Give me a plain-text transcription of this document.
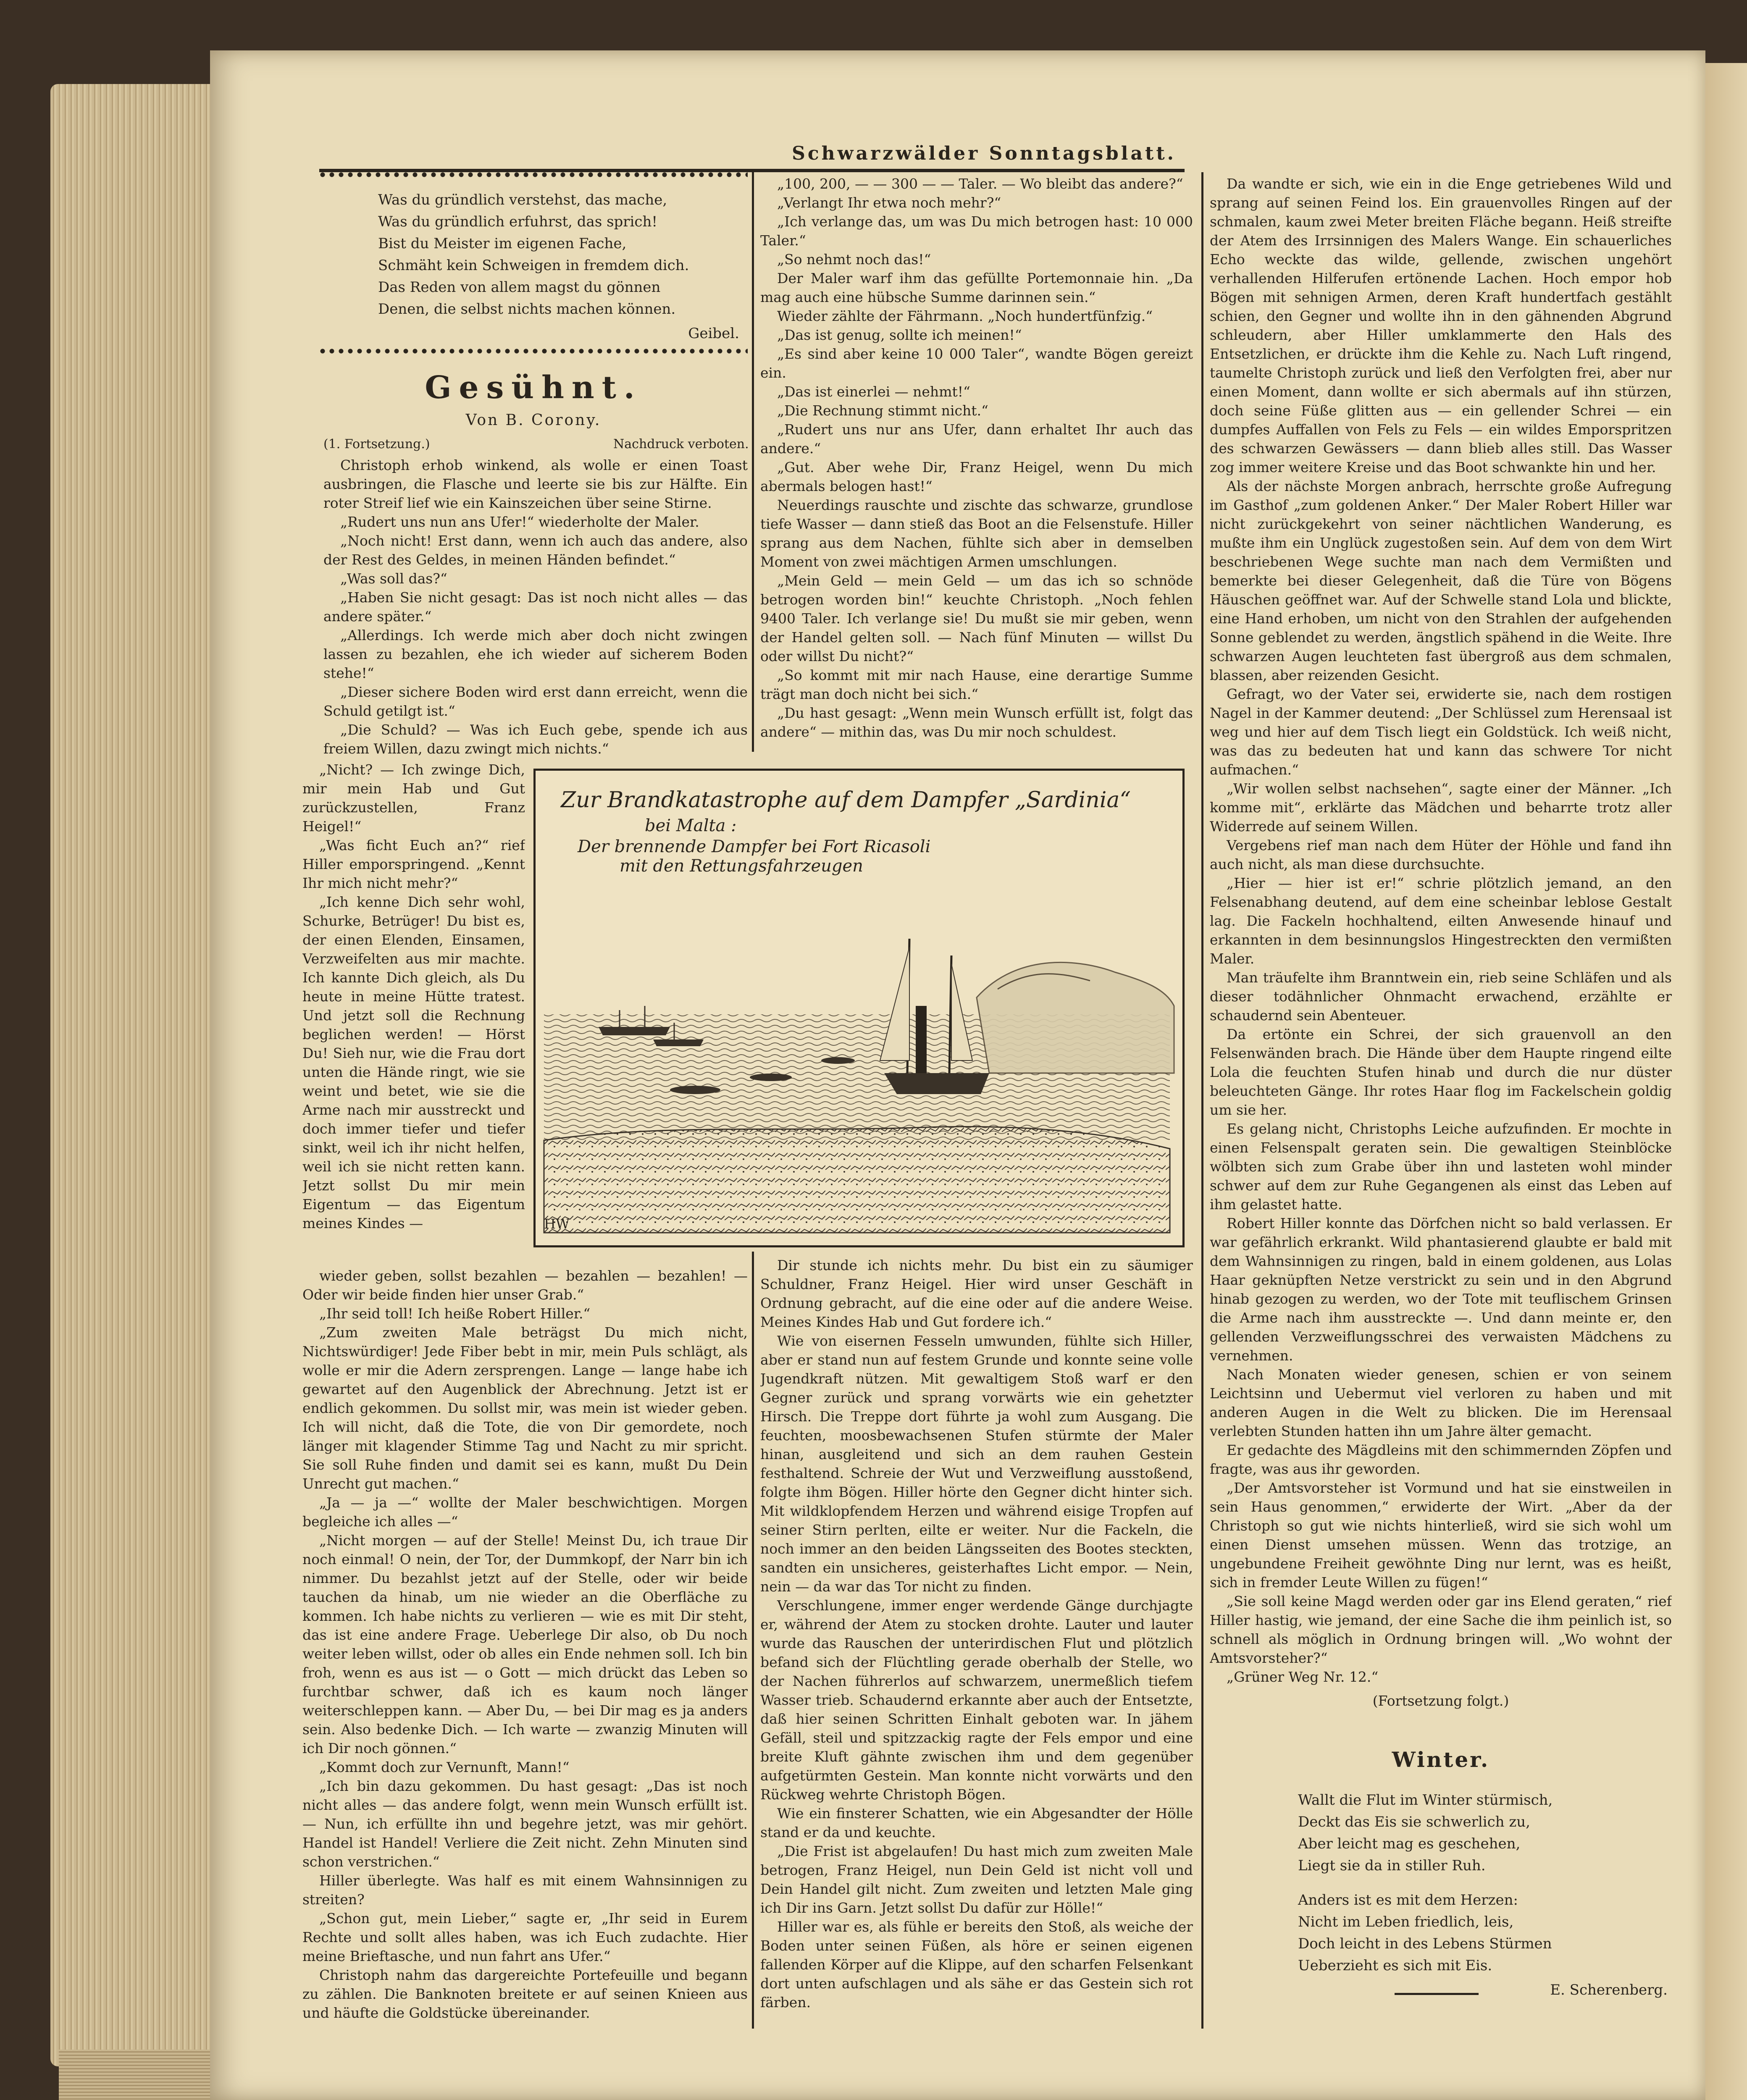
Schwarzwälder Sonntagsblatt.

Was du gründlich verstehst, das mache,

Was du gründlich erfuhrst, das sprich!

Bist du Meister im eigenen Fache,

Schmäht kein Schweigen in fremdem dich.

Das Reden von allem magst du gönnen

Denen, die selbst nichts machen können.

Geibel.

Gesühnt.
Von B. Corony.
(1. Fortsetzung.)	Nachdruck verboten.

Christoph erhob winkend, als wolle er einen Toast ausbringen, die Flasche und leerte sie bis zur Hälfte. Ein roter Streif lief wie ein Kainszeichen über seine Stirne.

„Rudert uns nun ans Ufer!“ wiederholte der Maler.

„Noch nicht! Erst dann, wenn ich auch das andere, also der Rest des Geldes, in meinen Händen befindet.“

„Was soll das?“

„Haben Sie nicht gesagt: Das ist noch nicht alles — das andere später.“

„Allerdings. Ich werde mich aber doch nicht zwingen lassen zu bezahlen, ehe ich wieder auf sicherem Boden stehe!“

„Dieser sichere Boden wird erst dann erreicht, wenn die Schuld getilgt ist.“

„Die Schuld? — Was ich Euch gebe, spende ich aus freiem Willen, dazu zwingt mich nichts.“

„Nicht? — Ich zwinge Dich, mir mein Hab und Gut zurückzustellen, Franz Heigel!“

„Was ficht Euch an?“ rief Hiller emporspringend. „Kennt Ihr mich nicht mehr?“

„Ich kenne Dich sehr wohl, Schurke, Betrüger! Du bist es, der einen Elenden, Einsamen, Verzweifelten aus mir machte. Ich kannte Dich gleich, als Du heute in meine Hütte tratest. Und jetzt soll die Rechnung beglichen werden! — Hörst Du! Sieh nur, wie die Frau dort unten die Hände ringt, wie sie weint und betet, wie sie die Arme nach mir ausstreckt und doch immer tiefer und tiefer sinkt, weil ich ihr nicht helfen, weil ich sie nicht retten kann. Jetzt sollst Du mir mein Eigentum — das Eigentum meines Kindes —

wieder geben, sollst bezahlen — bezahlen — bezahlen! — Oder wir beide finden hier unser Grab.“

„Ihr seid toll! Ich heiße Robert Hiller.“

„Zum zweiten Male beträgst Du mich nicht, Nichtswürdiger! Jede Fiber bebt in mir, mein Puls schlägt, als wolle er mir die Adern zersprengen. Lange — lange habe ich gewartet auf den Augenblick der Abrechnung. Jetzt ist er endlich gekommen. Du sollst mir, was mein ist wieder geben. Ich will nicht, daß die Tote, die von Dir gemordete, noch länger mit klagender Stimme Tag und Nacht zu mir spricht. Sie soll Ruhe finden und damit sei es kann, mußt Du Dein Unrecht gut machen.“

„Ja — ja —“ wollte der Maler beschwichtigen. Morgen begleiche ich alles —“

„Nicht morgen — auf der Stelle! Meinst Du, ich traue Dir noch einmal! O nein, der Tor, der Dummkopf, der Narr bin ich nimmer. Du bezahlst jetzt auf der Stelle, oder wir beide tauchen da hinab, um nie wieder an die Oberfläche zu kommen. Ich habe nichts zu verlieren — wie es mit Dir steht, das ist eine andere Frage. Ueberlege Dir also, ob Du noch weiter leben willst, oder ob alles ein Ende nehmen soll. Ich bin froh, wenn es aus ist — o Gott — mich drückt das Leben so furchtbar schwer, daß ich es kaum noch länger weiterschleppen kann. — Aber Du, — bei Dir mag es ja anders sein. Also bedenke Dich. — Ich warte — zwanzig Minuten will ich Dir noch gönnen.“

„Kommt doch zur Vernunft, Mann!“

„Ich bin dazu gekommen. Du hast gesagt: „Das ist noch nicht alles — das andere folgt, wenn mein Wunsch erfüllt ist. — Nun, ich erfüllte ihn und begehre jetzt, was mir gehört. Handel ist Handel! Verliere die Zeit nicht. Zehn Minuten sind schon verstrichen.“

Hiller überlegte. Was half es mit einem Wahnsinnigen zu streiten?

„Schon gut, mein Lieber,“ sagte er, „Ihr seid in Eurem Rechte und sollt alles haben, was ich Euch zudachte. Hier meine Brieftasche, und nun fahrt ans Ufer.“

Christoph nahm das dargereichte Portefeuille und begann zu zählen. Die Banknoten breitete er auf seinen Knieen aus und häufte die Goldstücke übereinander.

„100, 200, — — 300 — — Taler. — Wo bleibt das andere?“

„Verlangt Ihr etwa noch mehr?“

„Ich verlange das, um was Du mich betrogen hast: 10 000 Taler.“

„So nehmt noch das!“

Der Maler warf ihm das gefüllte Portemonnaie hin. „Da mag auch eine hübsche Summe darinnen sein.“

Wieder zählte der Fährmann. „Noch hundertfünfzig.“

„Das ist genug, sollte ich meinen!“

„Es sind aber keine 10 000 Taler“, wandte Bögen gereizt ein.

„Das ist einerlei — nehmt!“

„Die Rechnung stimmt nicht.“

„Rudert uns nur ans Ufer, dann erhaltet Ihr auch das andere.“

„Gut. Aber wehe Dir, Franz Heigel, wenn Du mich abermals belogen hast!“

Neuerdings rauschte und zischte das schwarze, grundlose tiefe Wasser — dann stieß das Boot an die Felsenstufe. Hiller sprang aus dem Nachen, fühlte sich aber in demselben Moment von zwei mächtigen Armen umschlungen.

„Mein Geld — mein Geld — um das ich so schnöde betrogen worden bin!“ keuchte Christoph. „Noch fehlen 9400 Taler. Ich verlange sie! Du mußt sie mir geben, wenn der Handel gelten soll. — Nach fünf Minuten — willst Du oder willst Du nicht?“

„So kommt mit mir nach Hause, eine derartige Summe trägt man doch nicht bei sich.“

„Du hast gesagt: „Wenn mein Wunsch erfüllt ist, folgt das andere“ — mithin das, was Du mir noch schuldest.

Zur Brandkatastrophe auf dem Dampfer „Sardinia“
bei Malta :
Der brennende Dampfer bei Fort Ricasoli
mit den Rettungsfahrzeugen
HW

Dir stunde ich nichts mehr. Du bist ein zu säumiger Schuldner, Franz Heigel. Hier wird unser Geschäft in Ordnung gebracht, auf die eine oder auf die andere Weise. Meines Kindes Hab und Gut fordere ich.“

Wie von eisernen Fesseln umwunden, fühlte sich Hiller, aber er stand nun auf festem Grunde und konnte seine volle Jugendkraft nützen. Mit gewaltigem Stoß warf er den Gegner zurück und sprang vorwärts wie ein gehetzter Hirsch. Die Treppe dort führte ja wohl zum Ausgang. Die feuchten, moosbewachsenen Stufen stürmte der Maler hinan, ausgleitend und sich an dem rauhen Gestein festhaltend. Schreie der Wut und Verzweiflung ausstoßend, folgte ihm Bögen. Hiller hörte den Gegner dicht hinter sich. Mit wildklopfendem Herzen und während eisige Tropfen auf seiner Stirn perlten, eilte er weiter. Nur die Fackeln, die noch immer an den beiden Längsseiten des Bootes steckten, sandten ein unsicheres, geisterhaftes Licht empor. — Nein, nein — da war das Tor nicht zu finden.

Verschlungene, immer enger werdende Gänge durchjagte er, während der Atem zu stocken drohte. Lauter und lauter wurde das Rauschen der unterirdischen Flut und plötzlich befand sich der Flüchtling gerade oberhalb der Stelle, wo der Nachen führerlos auf schwarzem, unermeßlich tiefem Wasser trieb. Schaudernd erkannte aber auch der Entsetzte, daß hier seinen Schritten Einhalt geboten war. In jähem Gefäll, steil und spitzzackig ragte der Fels empor und eine breite Kluft gähnte zwischen ihm und dem gegenüber aufgetürmten Gestein. Man konnte nicht vorwärts und den Rückweg wehrte Christoph Bögen.

Wie ein finsterer Schatten, wie ein Abgesandter der Hölle stand er da und keuchte.

„Die Frist ist abgelaufen! Du hast mich zum zweiten Male betrogen, Franz Heigel, nun Dein Geld ist nicht voll und Dein Handel gilt nicht. Zum zweiten und letzten Male ging ich Dir ins Garn. Jetzt sollst Du dafür zur Hölle!“

Hiller war es, als fühle er bereits den Stoß, als weiche der Boden unter seinen Füßen, als höre er seinen eigenen fallenden Körper auf die Klippe, auf den scharfen Felsenkant dort unten aufschlagen und als sähe er das Gestein sich rot färben.

Da wandte er sich, wie ein in die Enge getriebenes Wild und sprang auf seinen Feind los. Ein grauenvolles Ringen auf der schmalen, kaum zwei Meter breiten Fläche begann. Heiß streifte der Atem des Irrsinnigen des Malers Wange. Ein schauerliches Echo weckte das wilde, gellende, zwischen ungehört verhallenden Hilferufen ertönende Lachen. Hoch empor hob Bögen mit sehnigen Armen, deren Kraft hundertfach gestählt schien, den Gegner und wollte ihn in den gähnenden Abgrund schleudern, aber Hiller umklammerte den Hals des Entsetzlichen, er drückte ihm die Kehle zu. Nach Luft ringend, taumelte Christoph zurück und ließ den Verfolgten frei, aber nur einen Moment, dann wollte er sich abermals auf ihn stürzen, doch seine Füße glitten aus — ein gellender Schrei — ein dumpfes Auffallen von Fels zu Fels — ein wildes Emporspritzen des schwarzen Gewässers — dann blieb alles still. Das Wasser zog immer weitere Kreise und das Boot schwankte hin und her.

Als der nächste Morgen anbrach, herrschte große Aufregung im Gasthof „zum goldenen Anker.“ Der Maler Robert Hiller war nicht zurückgekehrt von seiner nächtlichen Wanderung, es mußte ihm ein Unglück zugestoßen sein. Auf dem von dem Wirt beschriebenen Wege suchte man nach dem Vermißten und bemerkte bei dieser Gelegenheit, daß die Türe von Bögens Häuschen geöffnet war. Auf der Schwelle stand Lola und blickte, eine Hand erhoben, um nicht von den Strahlen der aufgehenden Sonne geblendet zu werden, ängstlich spähend in die Weite. Ihre schwarzen Augen leuchteten fast übergroß aus dem schmalen, blassen, aber reizenden Gesicht.

Gefragt, wo der Vater sei, erwiderte sie, nach dem rostigen Nagel in der Kammer deutend: „Der Schlüssel zum Herensaal ist weg und hier auf dem Tisch liegt ein Goldstück. Ich weiß nicht, was das zu bedeuten hat und kann das schwere Tor nicht aufmachen.“

„Wir wollen selbst nachsehen“, sagte einer der Männer. „Ich komme mit“, erklärte das Mädchen und beharrte trotz aller Widerrede auf seinem Willen.

Vergebens rief man nach dem Hüter der Höhle und fand ihn auch nicht, als man diese durchsuchte.

„Hier — hier ist er!“ schrie plötzlich jemand, an den Felsenabhang deutend, auf dem eine scheinbar leblose Gestalt lag. Die Fackeln hochhaltend, eilten Anwesende hinauf und erkannten in dem besinnungslos Hingestreckten den vermißten Maler.

Man träufelte ihm Branntwein ein, rieb seine Schläfen und als dieser todähnlicher Ohnmacht erwachend, erzählte er schaudernd sein Abenteuer.

Da ertönte ein Schrei, der sich grauenvoll an den Felsenwänden brach. Die Hände über dem Haupte ringend eilte Lola die feuchten Stufen hinab und durch die nur düster beleuchteten Gänge. Ihr rotes Haar flog im Fackelschein goldig um sie her.

Es gelang nicht, Christophs Leiche aufzufinden. Er mochte in einen Felsenspalt geraten sein. Die gewaltigen Steinblöcke wölbten sich zum Grabe über ihn und lasteten wohl minder schwer auf dem zur Ruhe Gegangenen als einst das Leben auf ihm gelastet hatte.

Robert Hiller konnte das Dörfchen nicht so bald verlassen. Er war gefährlich erkrankt. Wild phantasierend glaubte er bald mit dem Wahnsinnigen zu ringen, bald in einem goldenen, aus Lolas Haar geknüpften Netze verstrickt zu sein und in den Abgrund hinab gezogen zu werden, wo der Tote mit teuflischem Grinsen die Arme nach ihm ausstreckte —. Und dann meinte er, den gellenden Verzweiflungsschrei des verwaisten Mädchens zu vernehmen.

Nach Monaten wieder genesen, schien er von seinem Leichtsinn und Uebermut viel verloren zu haben und mit anderen Augen in die Welt zu blicken. Die im Herensaal verlebten Stunden hatten ihn um Jahre älter gemacht.

Er gedachte des Mägdleins mit den schimmernden Zöpfen und fragte, was aus ihr geworden.

„Der Amtsvorsteher ist Vormund und hat sie einstweilen in sein Haus genommen,“ erwiderte der Wirt. „Aber da der Christoph so gut wie nichts hinterließ, wird sie sich wohl um einen Dienst umsehen müssen. Wenn das trotzige, an ungebundene Freiheit gewöhnte Ding nur lernt, was es heißt, sich in fremder Leute Willen zu fügen!“

„Sie soll keine Magd werden oder gar ins Elend geraten,“ rief Hiller hastig, wie jemand, der eine Sache die ihm peinlich ist, so schnell als möglich in Ordnung bringen will. „Wo wohnt der Amtsvorsteher?“

„Grüner Weg Nr. 12.“

(Fortsetzung folgt.)
Winter.

Wallt die Flut im Winter stürmisch,

Deckt das Eis sie schwerlich zu,

Aber leicht mag es geschehen,

Liegt sie da in stiller Ruh.

Anders ist es mit dem Herzen:

Nicht im Leben friedlich, leis,

Doch leicht in des Lebens Stürmen

Ueberzieht es sich mit Eis.

E. Scherenberg.
